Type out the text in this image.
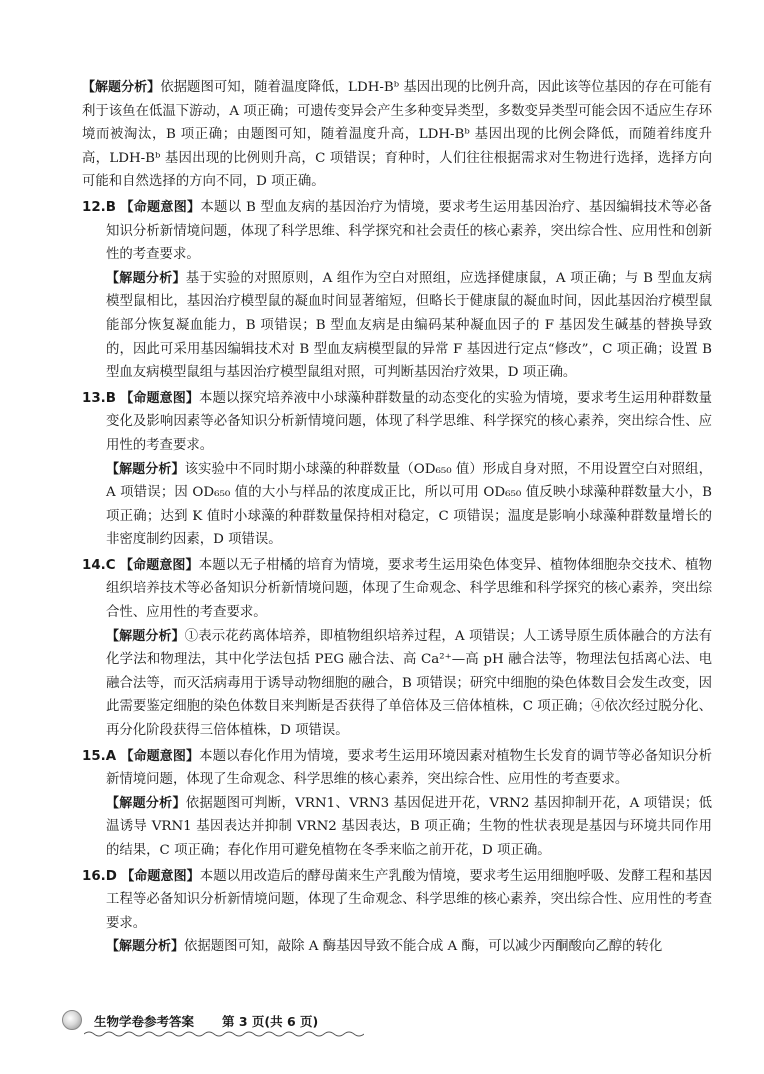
【解题分析】依据题图可知，随着温度降低，LDH-Bᵇ 基因出现的比例升高，因此该等位基因的存在可能有利于该鱼在低温下游动，A 项正确；可遗传变异会产生多种变异类型，多数变异类型可能会因不适应生存环境而被淘汰，B 项正确；由题图可知，随着温度升高，LDH-Bᵇ 基因出现的比例会降低，而随着纬度升高，LDH-Bᵇ 基因出现的比例则升高，C 项错误；育种时，人们往往根据需求对生物进行选择，选择方向可能和自然选择的方向不同，D 项正确。

12.B 【命题意图】本题以 B 型血友病的基因治疗为情境，要求考生运用基因治疗、基因编辑技术等必备知识分析新情境问题，体现了科学思维、科学探究和社会责任的核心素养，突出综合性、应用性和创新性的考查要求。

【解题分析】基于实验的对照原则，A 组作为空白对照组，应选择健康鼠，A 项正确；与 B 型血友病模型鼠相比，基因治疗模型鼠的凝血时间显著缩短，但略长于健康鼠的凝血时间，因此基因治疗模型鼠能部分恢复凝血能力，B 项错误；B 型血友病是由编码某种凝血因子的 F 基因发生碱基的替换导致的，因此可采用基因编辑技术对 B 型血友病模型鼠的异常 F 基因进行定点“修改”，C 项正确；设置 B 型血友病模型鼠组与基因治疗模型鼠组对照，可判断基因治疗效果，D 项正确。

13.B 【命题意图】本题以探究培养液中小球藻种群数量的动态变化的实验为情境，要求考生运用种群数量变化及影响因素等必备知识分析新情境问题，体现了科学思维、科学探究的核心素养，突出综合性、应用性的考查要求。

【解题分析】该实验中不同时期小球藻的种群数量（OD₆₅₀ 值）形成自身对照，不用设置空白对照组，A 项错误；因 OD₆₅₀ 值的大小与样品的浓度成正比，所以可用 OD₆₅₀ 值反映小球藻种群数量大小，B 项正确；达到 K 值时小球藻的种群数量保持相对稳定，C 项错误；温度是影响小球藻种群数量增长的非密度制约因素，D 项错误。

14.C 【命题意图】本题以无子柑橘的培育为情境，要求考生运用染色体变异、植物体细胞杂交技术、植物组织培养技术等必备知识分析新情境问题，体现了生命观念、科学思维和科学探究的核心素养，突出综合性、应用性的考查要求。

【解题分析】①表示花药离体培养，即植物组织培养过程，A 项错误；人工诱导原生质体融合的方法有化学法和物理法，其中化学法包括 PEG 融合法、高 Ca²⁺—高 pH 融合法等，物理法包括离心法、电融合法等，而灭活病毒用于诱导动物细胞的融合，B 项错误；研究中细胞的染色体数目会发生改变，因此需要鉴定细胞的染色体数目来判断是否获得了单倍体及三倍体植株，C 项正确；④依次经过脱分化、再分化阶段获得三倍体植株，D 项错误。

15.A 【命题意图】本题以春化作用为情境，要求考生运用环境因素对植物生长发育的调节等必备知识分析新情境问题，体现了生命观念、科学思维的核心素养，突出综合性、应用性的考查要求。

【解题分析】依据题图可判断，VRN1、VRN3 基因促进开花，VRN2 基因抑制开花，A 项错误；低温诱导 VRN1 基因表达并抑制 VRN2 基因表达，B 项正确；生物的性状表现是基因与环境共同作用的结果，C 项正确；春化作用可避免植物在冬季来临之前开花，D 项正确。

16.D 【命题意图】本题以用改造后的酵母菌来生产乳酸为情境，要求考生运用细胞呼吸、发酵工程和基因工程等必备知识分析新情境问题，体现了生命观念、科学思维的核心素养，突出综合性、应用性的考查要求。

【解题分析】依据题图可知，敲除 A 酶基因导致不能合成 A 酶，可以减少丙酮酸向乙醇的转化

生物学卷参考答案 第 3 页(共 6 页)
